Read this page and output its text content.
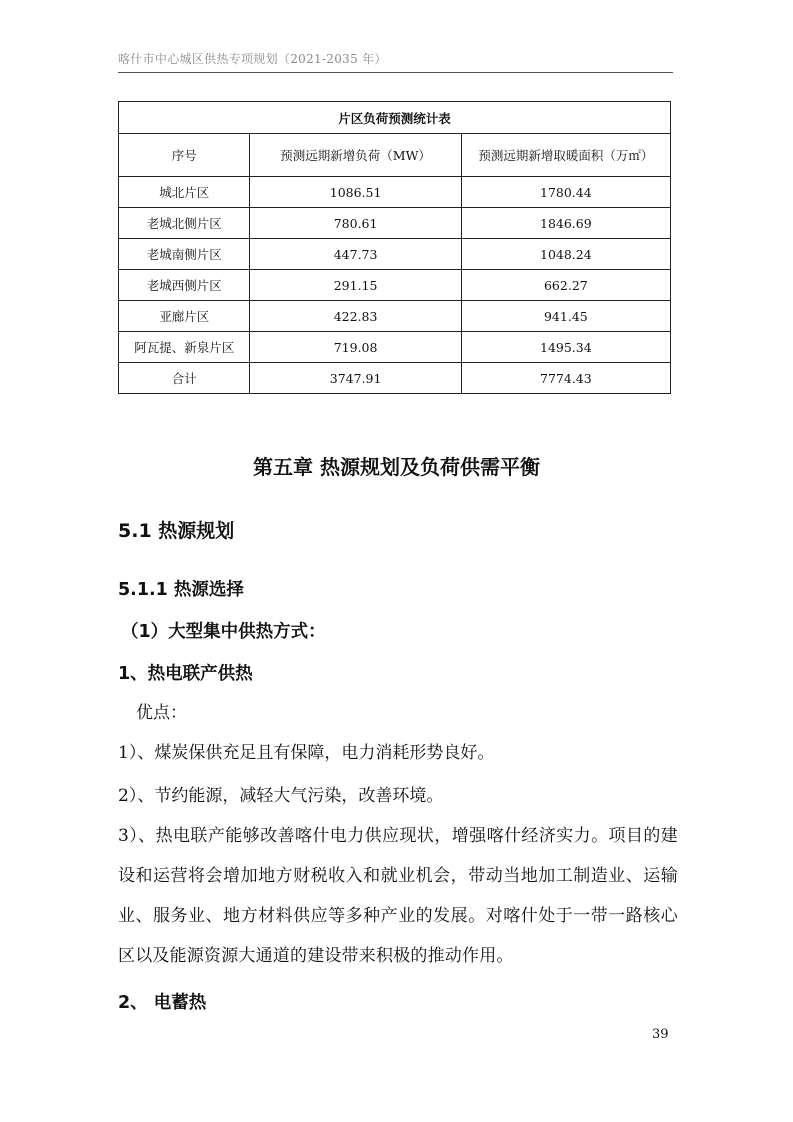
喀什市中心城区供热专项规划（2021-2035 年）
片区负荷预测统计表		
序号	预测远期新增负荷（MW）	预测远期新增取暖面积（万㎡）
城北片区	1086.51	1780.44
老城北侧片区	780.61	1846.69
老城南侧片区	447.73	1048.24
老城西侧片区	291.15	662.27
亚廊片区	422.83	941.45
阿瓦提、新泉片区	719.08	1495.34
合计	3747.91	7774.43
第五章 热源规划及负荷供需平衡
5.1 热源规划
5.1.1 热源选择
（1）大型集中供热方式：
1、热电联产供热
优点：
1）、煤炭保供充足且有保障，电力消耗形势良好。
2）、节约能源，减轻大气污染，改善环境。
3）、热电联产能够改善喀什电力供应现状，增强喀什经济实力。项目的建设和运营将会增加地方财税收入和就业机会，带动当地加工制造业、运输业、服务业、地方材料供应等多种产业的发展。对喀什处于一带一路核心区以及能源资源大通道的建设带来积极的推动作用。
2、 电蓄热
39
